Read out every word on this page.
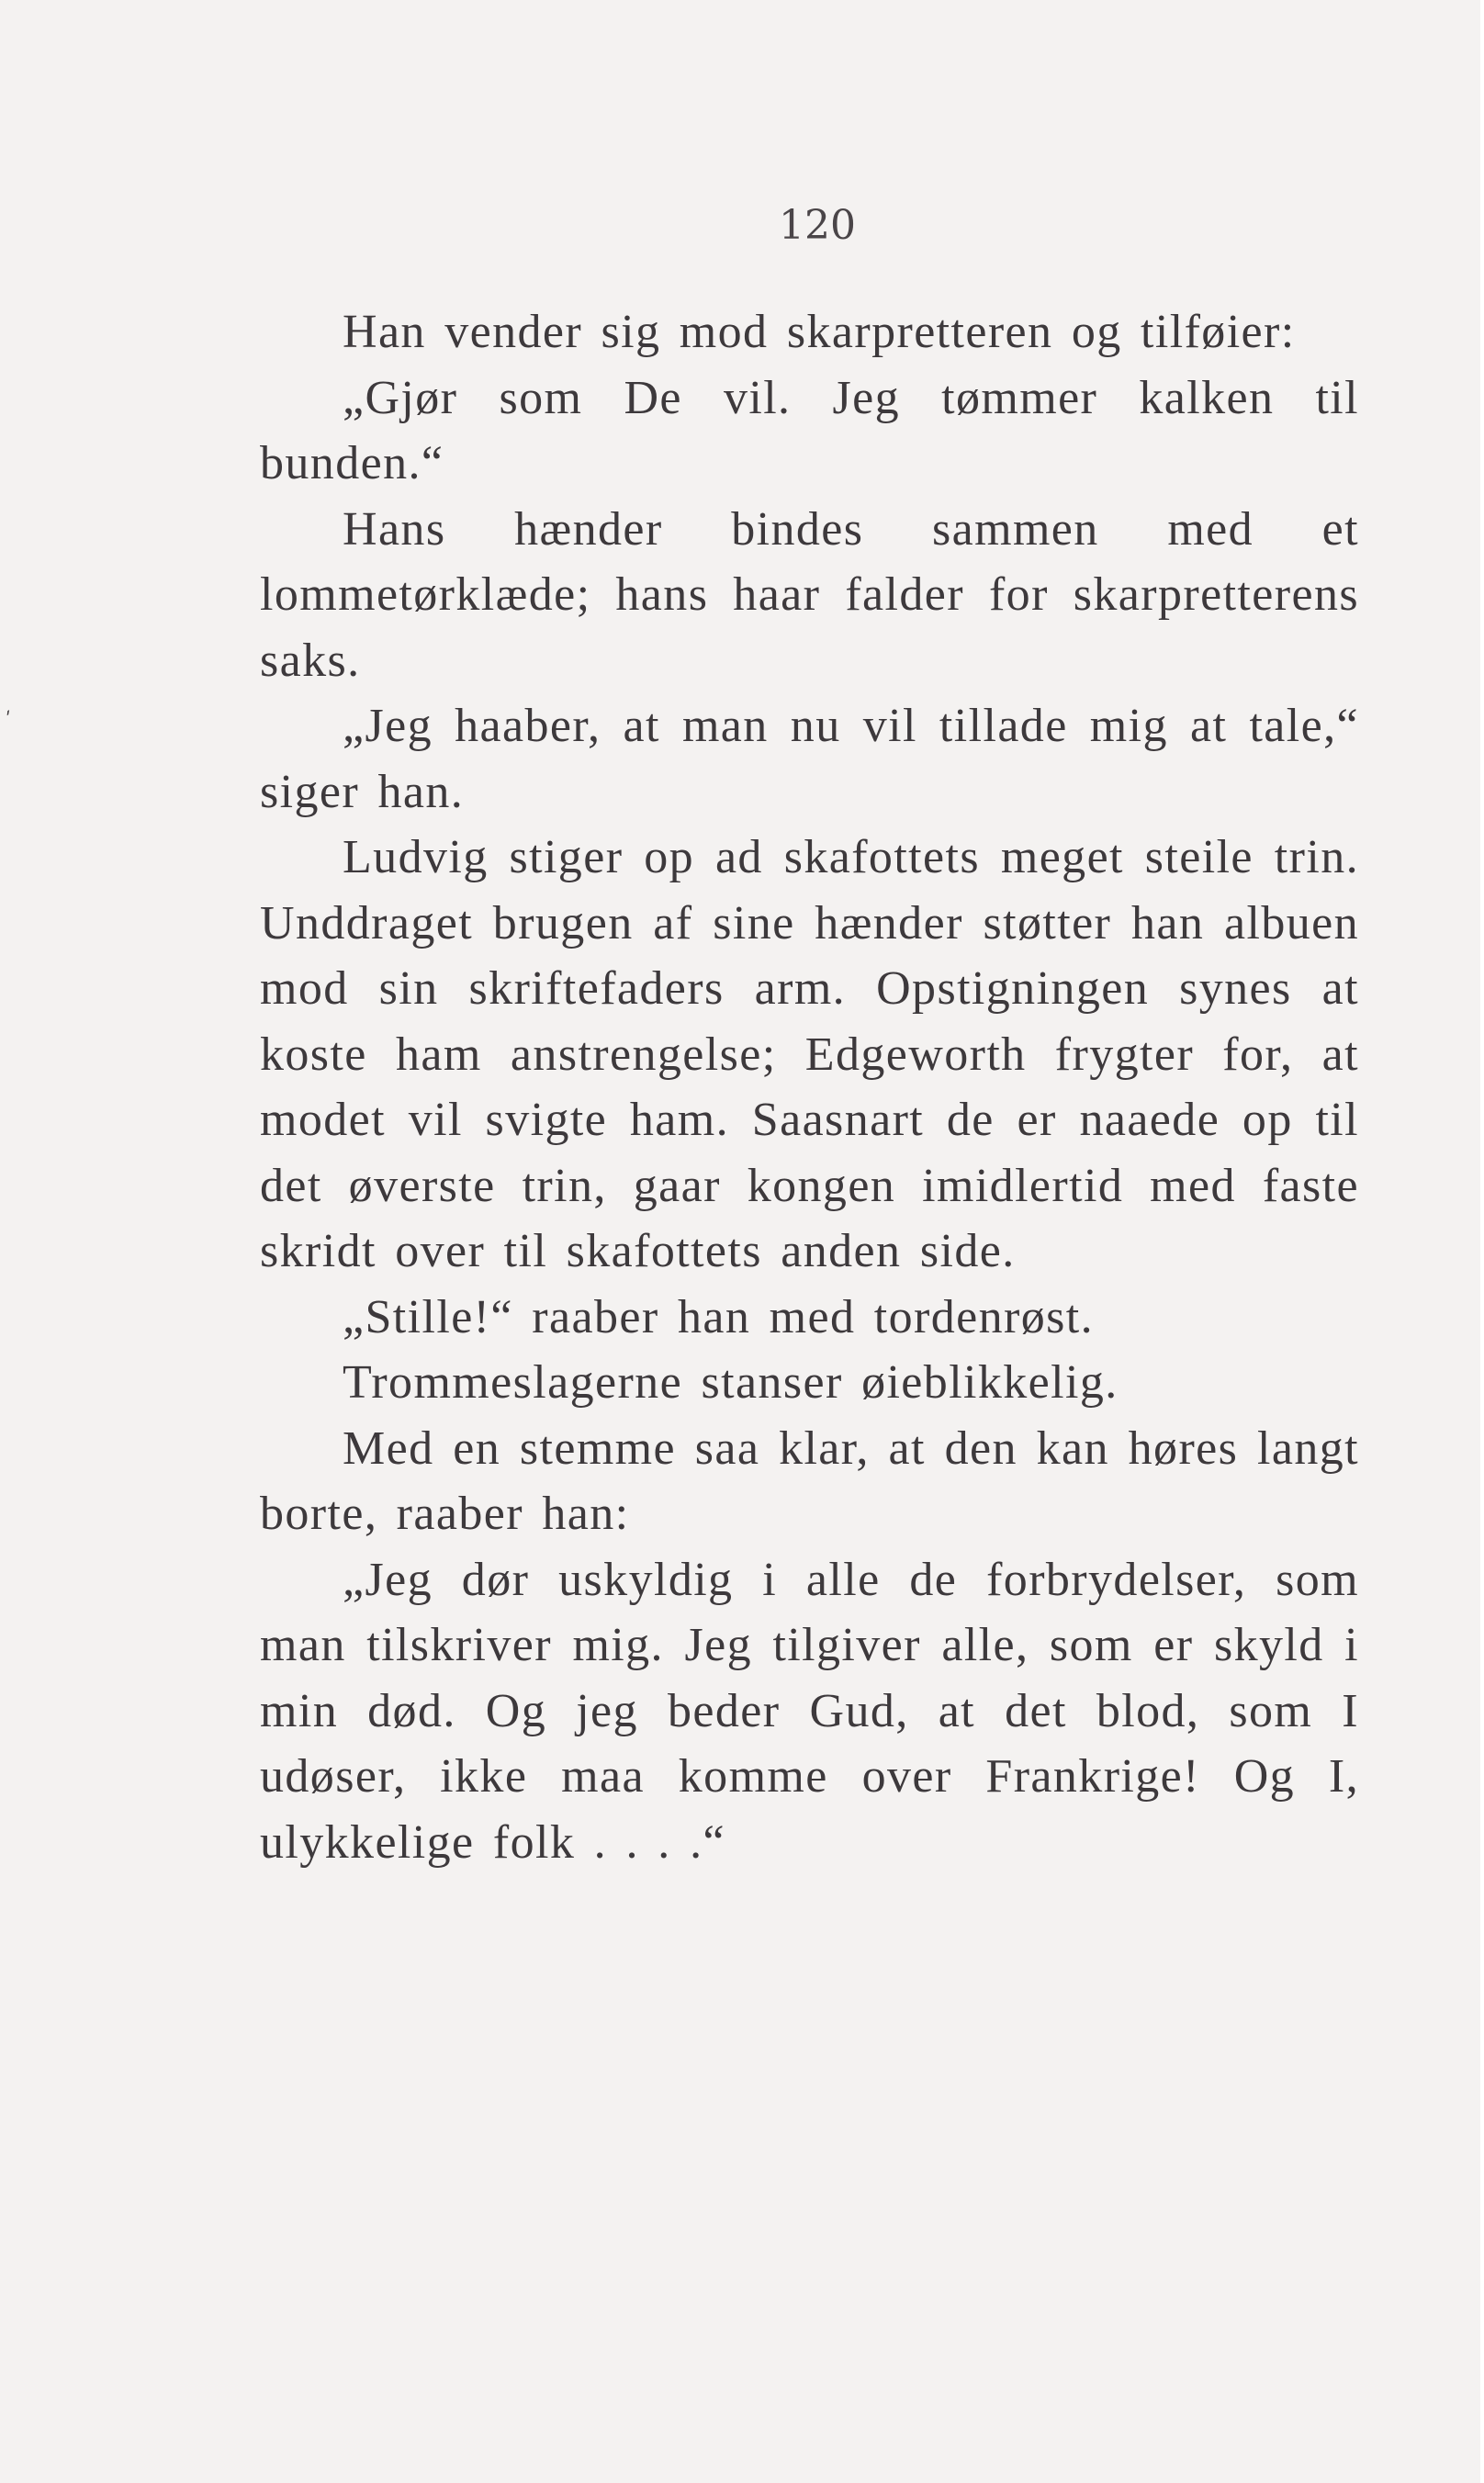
120
ˊ

Han vender sig mod skarpretteren og tilføier:

„Gjør som De vil. Jeg tømmer kalken til bunden.“

Hans hænder bindes sammen med et lommetørklæde; hans haar falder for skarpretterens saks.

„Jeg haaber, at man nu vil tillade mig at tale,“ siger han.

Ludvig stiger op ad skafottets meget steile trin. Unddraget brugen af sine hænder støtter han albuen mod sin skriftefaders arm. Opstigningen synes at koste ham anstrengelse; Edgeworth frygter for, at modet vil svigte ham. Saasnart de er naaede op til det øverste trin, gaar kongen imidlertid med faste skridt over til skafottets anden side.

„Stille!“ raaber han med tordenrøst.

Trommeslagerne stanser øieblikkelig.

Med en stemme saa klar, at den kan høres langt borte, raaber han:

„Jeg dør uskyldig i alle de forbrydelser, som man tilskriver mig. Jeg tilgiver alle, som er skyld i min død. Og jeg beder Gud, at det blod, som I udøser, ikke maa komme over Frankrige! Og I, ulykkelige folk . . . .“
